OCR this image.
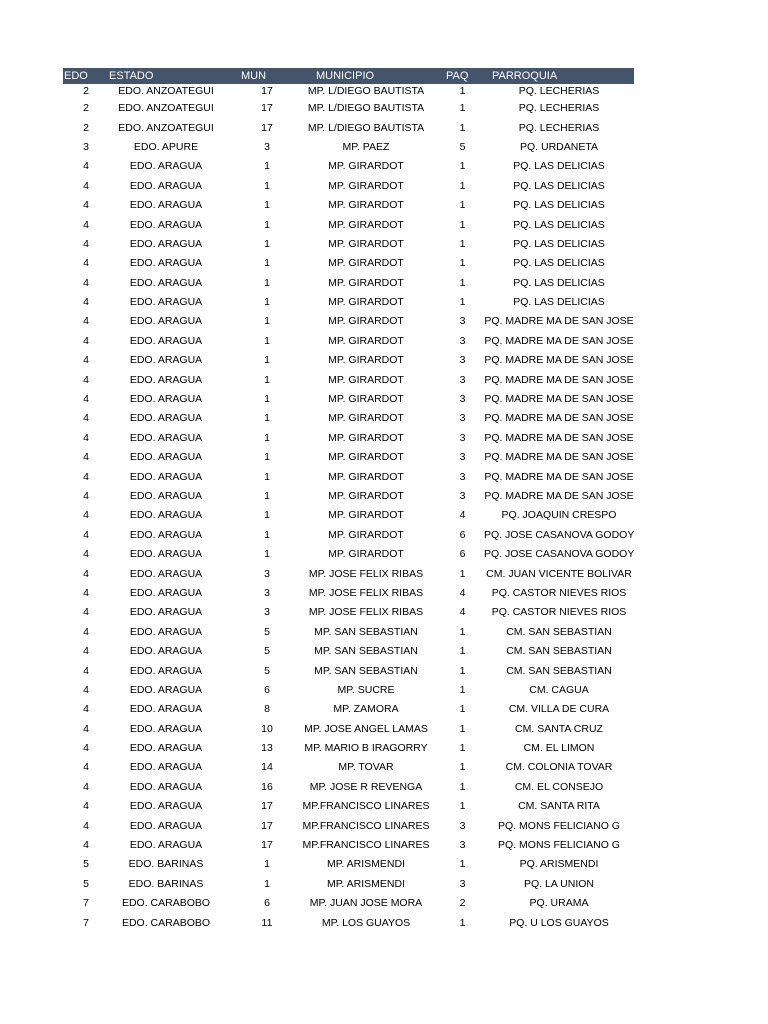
EDO	ESTADO	MUN	MUNICIPIO	PAQ	PARROQUIA
2	EDO. ANZOATEGUI	17	MP. L/DIEGO BAUTISTA	1	PQ. LECHERIAS
2	EDO. ANZOATEGUI	17	MP. L/DIEGO BAUTISTA	1	PQ. LECHERIAS
2	EDO. ANZOATEGUI	17	MP. L/DIEGO BAUTISTA	1	PQ. LECHERIAS
3	EDO. APURE	3	MP. PAEZ	5	PQ. URDANETA
4	EDO. ARAGUA	1	MP. GIRARDOT	1	PQ. LAS DELICIAS
4	EDO. ARAGUA	1	MP. GIRARDOT	1	PQ. LAS DELICIAS
4	EDO. ARAGUA	1	MP. GIRARDOT	1	PQ. LAS DELICIAS
4	EDO. ARAGUA	1	MP. GIRARDOT	1	PQ. LAS DELICIAS
4	EDO. ARAGUA	1	MP. GIRARDOT	1	PQ. LAS DELICIAS
4	EDO. ARAGUA	1	MP. GIRARDOT	1	PQ. LAS DELICIAS
4	EDO. ARAGUA	1	MP. GIRARDOT	1	PQ. LAS DELICIAS
4	EDO. ARAGUA	1	MP. GIRARDOT	1	PQ. LAS DELICIAS
4	EDO. ARAGUA	1	MP. GIRARDOT	3	PQ. MADRE MA DE SAN JOSE
4	EDO. ARAGUA	1	MP. GIRARDOT	3	PQ. MADRE MA DE SAN JOSE
4	EDO. ARAGUA	1	MP. GIRARDOT	3	PQ. MADRE MA DE SAN JOSE
4	EDO. ARAGUA	1	MP. GIRARDOT	3	PQ. MADRE MA DE SAN JOSE
4	EDO. ARAGUA	1	MP. GIRARDOT	3	PQ. MADRE MA DE SAN JOSE
4	EDO. ARAGUA	1	MP. GIRARDOT	3	PQ. MADRE MA DE SAN JOSE
4	EDO. ARAGUA	1	MP. GIRARDOT	3	PQ. MADRE MA DE SAN JOSE
4	EDO. ARAGUA	1	MP. GIRARDOT	3	PQ. MADRE MA DE SAN JOSE
4	EDO. ARAGUA	1	MP. GIRARDOT	3	PQ. MADRE MA DE SAN JOSE
4	EDO. ARAGUA	1	MP. GIRARDOT	3	PQ. MADRE MA DE SAN JOSE
4	EDO. ARAGUA	1	MP. GIRARDOT	4	PQ. JOAQUIN CRESPO
4	EDO. ARAGUA	1	MP. GIRARDOT	6	PQ. JOSE CASANOVA GODOY
4	EDO. ARAGUA	1	MP. GIRARDOT	6	PQ. JOSE CASANOVA GODOY
4	EDO. ARAGUA	3	MP. JOSE FELIX RIBAS	1	CM. JUAN VICENTE BOLIVAR
4	EDO. ARAGUA	3	MP. JOSE FELIX RIBAS	4	PQ. CASTOR NIEVES RIOS
4	EDO. ARAGUA	3	MP. JOSE FELIX RIBAS	4	PQ. CASTOR NIEVES RIOS
4	EDO. ARAGUA	5	MP. SAN SEBASTIAN	1	CM. SAN SEBASTIAN
4	EDO. ARAGUA	5	MP. SAN SEBASTIAN	1	CM. SAN SEBASTIAN
4	EDO. ARAGUA	5	MP. SAN SEBASTIAN	1	CM. SAN SEBASTIAN
4	EDO. ARAGUA	6	MP. SUCRE	1	CM. CAGUA
4	EDO. ARAGUA	8	MP. ZAMORA	1	CM. VILLA DE CURA
4	EDO. ARAGUA	10	MP. JOSE ANGEL LAMAS	1	CM. SANTA CRUZ
4	EDO. ARAGUA	13	MP. MARIO B IRAGORRY	1	CM. EL LIMON
4	EDO. ARAGUA	14	MP. TOVAR	1	CM. COLONIA TOVAR
4	EDO. ARAGUA	16	MP. JOSE R REVENGA	1	CM. EL CONSEJO
4	EDO. ARAGUA	17	MP.FRANCISCO LINARES	1	CM. SANTA RITA
4	EDO. ARAGUA	17	MP.FRANCISCO LINARES	3	PQ. MONS FELICIANO G
4	EDO. ARAGUA	17	MP.FRANCISCO LINARES	3	PQ. MONS FELICIANO G
5	EDO. BARINAS	1	MP. ARISMENDI	1	PQ. ARISMENDI
5	EDO. BARINAS	1	MP. ARISMENDI	3	PQ. LA UNION
7	EDO. CARABOBO	6	MP. JUAN JOSE MORA	2	PQ. URAMA
7	EDO. CARABOBO	11	MP. LOS GUAYOS	1	PQ. U LOS GUAYOS
